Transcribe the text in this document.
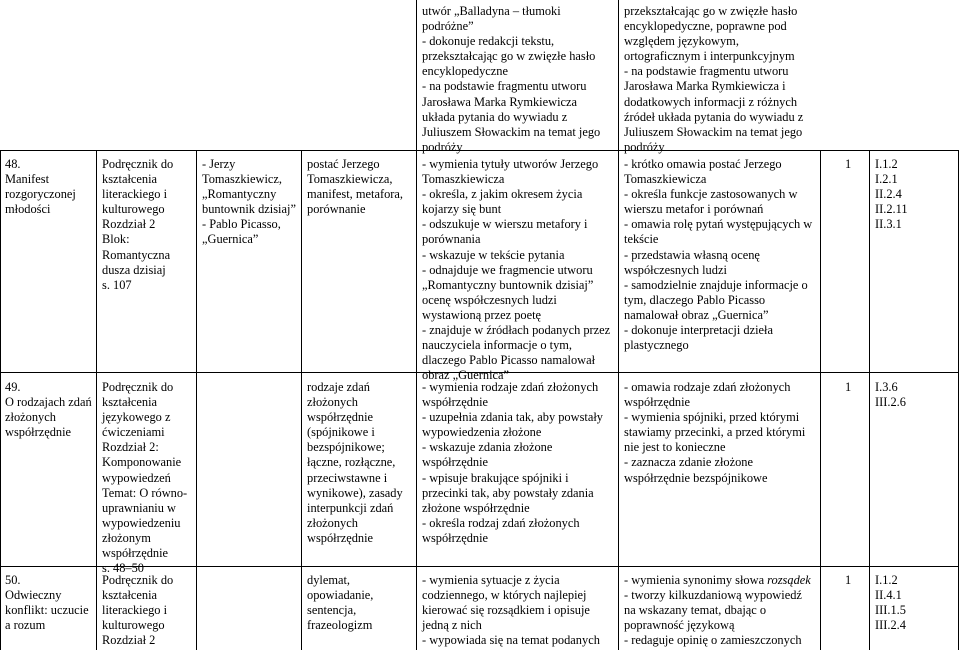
utwór „Balladyna – tłumoki
podróżne”
- dokonuje redakcji tekstu,
przekształcając go w zwięzłe hasło
encyklopedyczne
- na podstawie fragmentu utworu
Jarosława Marka Rymkiewicza
układa pytania do wywiadu z
Juliuszem Słowackim na temat jego
podróży
przekształcając go w zwięzłe hasło
encyklopedyczne, poprawne pod
względem językowym,
ortograficznym i interpunkcyjnym
- na podstawie fragmentu utworu
Jarosława Marka Rymkiewicza i
dodatkowych informacji z różnych
źródeł układa pytania do wywiadu z
Juliuszem Słowackim na temat jego
podróży
48.
Manifest
rozgoryczonej
młodości
Podręcznik do
kształcenia
literackiego i
kulturowego
Rozdział 2
Blok:
Romantyczna
dusza dzisiaj
s. 107
- Jerzy
Tomaszkiewicz,
„Romantyczny
buntownik dzisiaj”
- Pablo Picasso,
„Guernica”
postać Jerzego
Tomaszkiewicza,
manifest, metafora,
porównanie
- wymienia tytuły utworów Jerzego
Tomaszkiewicza
- określa, z jakim okresem życia
kojarzy się bunt
- odszukuje w wierszu metafory i
porównania
- wskazuje w tekście pytania
- odnajduje we fragmencie utworu
„Romantyczny buntownik dzisiaj”
ocenę współczesnych ludzi
wystawioną przez poetę
- znajduje w źródłach podanych przez
nauczyciela informacje o tym,
dlaczego Pablo Picasso namalował
obraz „Guernica”
- krótko omawia postać Jerzego
Tomaszkiewicza
- określa funkcje zastosowanych w
wierszu metafor i porównań
- omawia rolę pytań występujących w
tekście
- przedstawia własną ocenę
współczesnych ludzi
- samodzielnie znajduje informacje o
tym, dlaczego Pablo Picasso
namalował obraz „Guernica”
- dokonuje interpretacji dzieła
plastycznego
1 I.1.2
I.2.1
II.2.4
II.2.11
II.3.1
49.
O rodzajach zdań
złożonych
współrzędnie
Podręcznik do
kształcenia
językowego z
ćwiczeniami
Rozdział 2:
Komponowanie
wypowiedzeń
Temat: O równo-
uprawnianiu w
wypowiedzeniu
złożonym
współrzędnie
s. 48–50
rodzaje zdań
złożonych
współrzędnie
(spójnikowe i
bezspójnikowe;
łączne, rozłączne,
przeciwstawne i
wynikowe), zasady
interpunkcji zdań
złożonych
współrzędnie
- wymienia rodzaje zdań złożonych
współrzędnie
- uzupełnia zdania tak, aby powstały
wypowiedzenia złożone
- wskazuje zdania złożone
współrzędnie
- wpisuje brakujące spójniki i
przecinki tak, aby powstały zdania
złożone współrzędnie
- określa rodzaj zdań złożonych
współrzędnie
- omawia rodzaje zdań złożonych
współrzędnie
- wymienia spójniki, przed którymi
stawiamy przecinki, a przed którymi
nie jest to konieczne
- zaznacza zdanie złożone
współrzędnie bezspójnikowe
1 I.3.6
III.2.6
50.
Odwieczny
konflikt: uczucie
a rozum
Podręcznik do
kształcenia
literackiego i
kulturowego
Rozdział 2
dylemat,
opowiadanie,
sentencja,
frazeologizm
- wymienia sytuacje z życia
codziennego, w których najlepiej
kierować się rozsądkiem i opisuje
jedną z nich
- wypowiada się na temat podanych
- wymienia synonimy słowa rozsądek
- tworzy kilkuzdaniową wypowiedź
na wskazany temat, dbając o
poprawność językową
- redaguje opinię o zamieszczonych
1 I.1.2
II.4.1
III.1.5
III.2.4
